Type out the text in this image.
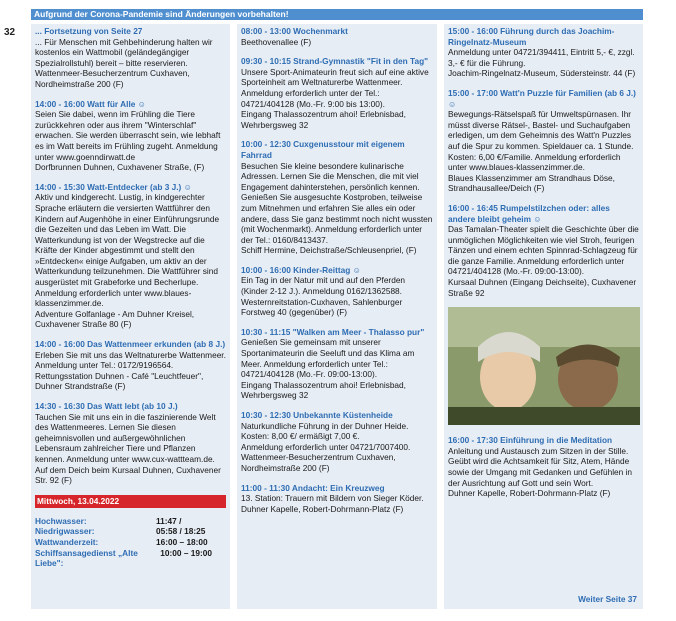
Aufgrund der Corona-Pandemie sind Änderungen vorbehalten!
32 ... Fortsetzung von Seite 27
... Für Menschen mit Gehbehinderung halten wir kostenlos ein Wattmobil (geländegängiger Spezialrollstuhl) bereit – bitte reservieren.
Wattenmeer-Besucherzentrum Cuxhaven, Nordheimstraße 200 (F)
14:00 - 16:00 Watt für Alle ☺
Seien Sie dabei, wenn im Frühling die Tiere zurückkehren oder aus ihrem "Winterschlaf" erwachen. Sie werden überrascht sein, wie lebhaft es im Watt bereits im Frühling zugeht. Anmeldung unter www.goenndirwatt.de
Dorfbrunnen Duhnen, Cuxhavener Straße, (F)
14:00 - 15:30 Watt-Entdecker (ab 3 J.) ☺
Aktiv und kindgerecht. Lustig, in kindgerechter Sprache erläutern die versierten Wattführer den Kindern auf Augenhöhe in einer Einführungsrunde die Gezeiten und das Leben im Watt. Die Watterkundung ist von der Wegstrecke auf die Kräfte der Kinder abgestimmt und stellt den »Entdecken« einige Aufgaben, um aktiv an der Watterkundung teilzunehmen. Die Wattführer sind ausgerüstet mit Grabeforke und Becherlupe. Anmeldung erforderlich unter www.blaues-klassenzimmer.de.
Adventure Golfanlage - Am Duhner Kreisel, Cuxhavener Straße 80 (F)
14:00 - 16:00 Das Wattenmeer erkunden (ab 8 J.)
Erleben Sie mit uns das Weltnaturerbe Wattenmeer. Anmeldung unter Tel.: 0172/9196564.
Rettungsstation Duhnen - Café "Leuchtfeuer", Duhner Strandstraße (F)
14:30 - 16:30 Das Watt lebt (ab 10 J.)
Tauchen Sie mit uns ein in die faszinierende Welt des Wattenmeeres. Lernen Sie diesen geheimnisvollen und außergewöhnlichen Lebensraum zahlreicher Tiere und Pflanzen kennen. Anmeldung unter www.cux-wattteam.de.
Auf dem Deich beim Kursaal Duhnen, Cuxhavener Str. 92 (F)
Mittwoch, 13.04.2022
Hochwasser:	11:47 /
Niedrigwasser:	05:58 / 18:25
Wattwanderzeit:	16:00 – 18:00
Schiffsansagedienst „Alte Liebe":
10:00 – 19:00
08:00 - 13:00 Wochenmarkt
Beethovenallee (F)
09:30 - 10:15 Strand-Gymnastik "Fit in den Tag"
Unsere Sport-Animateurin freut sich auf eine aktive Sporteinheit am Weltnaturerbe Wattenmeer. Anmeldung erforderlich unter der Tel.: 04721/404128 (Mo.-Fr. 9:00 bis 13:00).
Eingang Thalassozentrum ahoi! Erlebnisbad, Wehrbergsweg 32
10:00 - 12:30 Cuxgenusstour mit eigenem Fahrrad
Besuchen Sie kleine besondere kulinarische Adressen. Lernen Sie die Menschen, die mit viel Engagement dahinterstehen, persönlich kennen. Genießen Sie ausgesuchte Kostproben, teilweise zum Mitnehmen und erfahren Sie alles ein oder andere, dass Sie ganz bestimmt noch nicht wussten (mit Wochenmarkt). Anmeldung erforderlich unter der Tel.: 0160/8413437.
Schiff Hermine, Deichstraße/Schleusenpriel, (F)
10:00 - 16:00 Kinder-Reittag ☺
Ein Tag in der Natur mit und auf den Pferden (Kinder 2-12 J.). Anmeldung 0162/1362588.
Westernreitstation-Cuxhaven, Sahlenburger Forstweg 40 (gegenüber) (F)
10:30 - 11:15 "Walken am Meer - Thalasso pur"
Genießen Sie gemeinsam mit unserer Sportanimateurin die Seeluft und das Klima am Meer. Anmeldung erforderlich unter Tel.: 04721/404128 (Mo.-Fr. 09:00-13:00).
Eingang Thalassozentrum ahoi! Erlebnisbad, Wehrbergsweg 32
10:30 - 12:30 Unbekannte Küstenheide
Naturkundliche Führung in der Duhner Heide. Kosten: 8,00 €/ ermäßigt 7,00 €.
Anmeldung erforderlich unter 04721/7007400. Wattenmeer-Besucherzentrum Cuxhaven, Nordheimstraße 200 (F)
11:00 - 11:30 Andacht: Ein Kreuzweg
13. Station: Trauern mit Bildern von Sieger Köder. Duhner Kapelle, Robert-Dohrmann-Platz (F)
15:00 - 16:00 Führung durch das Joachim-Ringelnatz-Museum
Anmeldung unter 04721/394411, Eintritt 5,- €, zzgl. 3,- € für die Führung.
Joachim-Ringelnatz-Museum, Südersteinstr. 44 (F)
15:00 - 17:00 Watt'n Puzzle für Familien (ab 6 J.) ☺
Bewegungs-Rätselspaß für Umweltspürnasen. Ihr müsst diverse Rätsel-, Bastel- und Suchaufgaben erledigen, um dem Geheimnis des Watt'n Puzzles auf die Spur zu kommen. Spieldauer ca. 1 Stunde. Kosten: 6,00 €/Familie. Anmeldung erforderlich unter www.blaues-klassenzimmer.de.
Blaues Klassenzimmer am Strandhaus Döse, Strandhausallee/Deich (F)
16:00 - 16:45 Rumpelstilzchen oder: alles andere bleibt geheim ☺
Das Tamalan-Theater spielt die Geschichte über die unmöglichen Möglichkeiten wie viel Stroh, feurigen Tänzen und einem echten Spinnrad-Schlagzeug für die ganze Familie. Anmeldung erforderlich unter 04721/404128 (Mo.-Fr. 09:00-13:00).
Kursaal Duhnen (Eingang Deichseite), Cuxhavener Straße 92
16:00 - 17:30 Einführung in die Meditation
Anleitung und Austausch zum Sitzen in der Stille. Geübt wird die Achtsamkeit für Sitz, Atem, Hände sowie der Umgang mit Gedanken und Gefühlen in der Ausrichtung auf Gott und sein Wort.
Duhner Kapelle, Robert-Dohrmann-Platz (F)
Weiter Seite 37
